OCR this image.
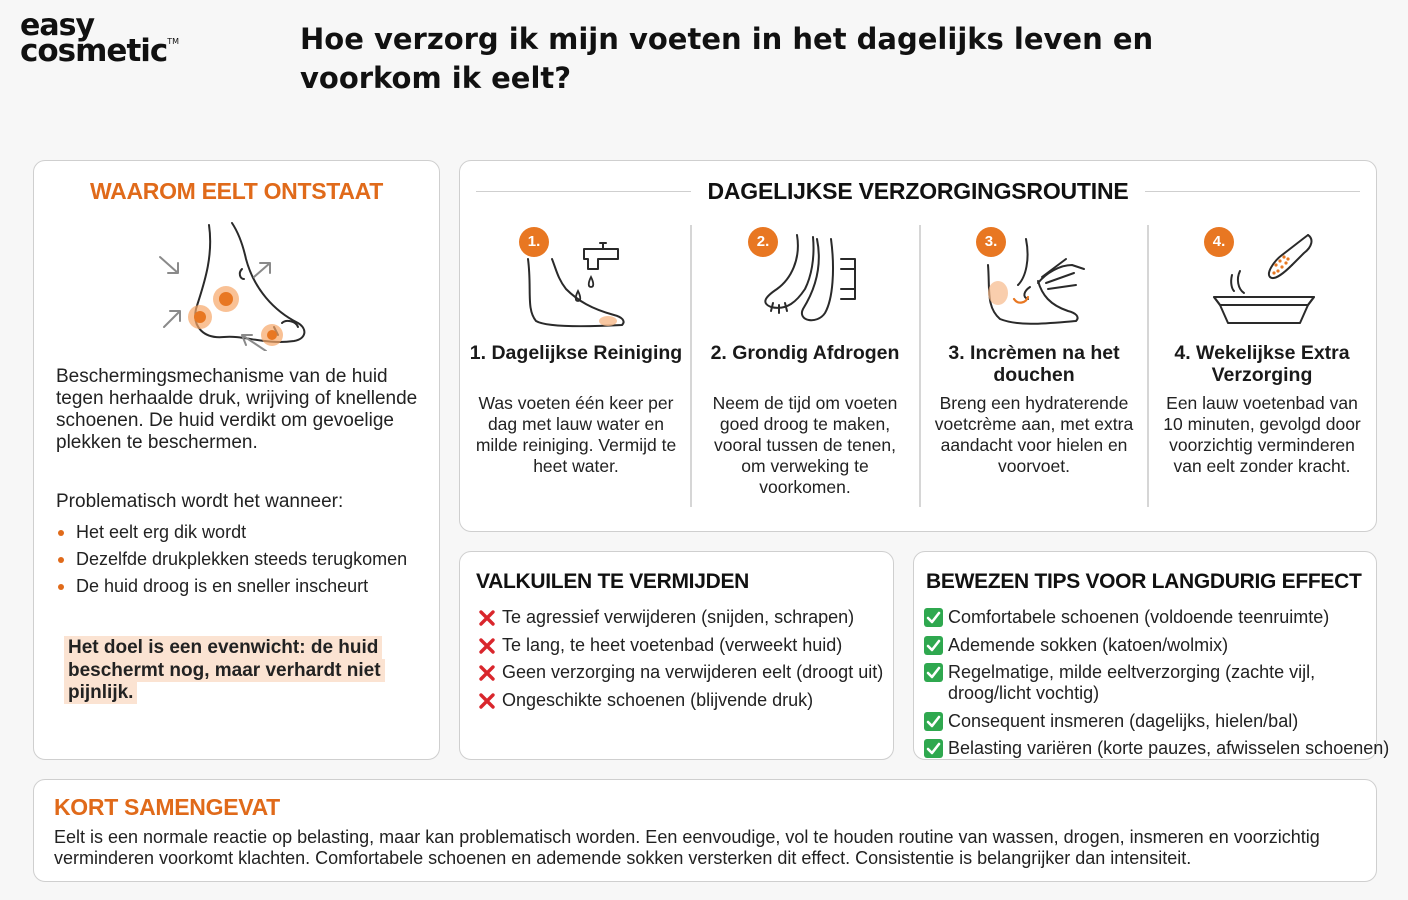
easy
cosmetic™	Hoe verzorg ik mijn voeten in het dagelijks leven en voorkom ik eelt?
WAAROM EELT ONTSTAAT

Beschermingsmechanisme van de huid tegen herhaalde druk, wrijving of knellende schoenen. De huid verdikt om gevoelige plekken te beschermen.

Problematisch wordt het wanneer:

Het eelt erg dik wordt
Dezelfde drukplekken steeds terugkomen
De huid droog is en sneller inscheurt

Het doel is een evenwicht: de huid beschermt nog, maar verhardt niet pijnlijk.

DAGELIJKSE VERZORGINGSROUTINE
1.
1. Dagelijkse Reiniging

Was voeten één keer per dag met lauw water en milde reiniging. Vermijd te heet water.

2.
2. Grondig Afdrogen

Neem de tijd om voeten goed droog te maken, vooral tussen de tenen, om verweking te voorkomen.

3.
3. Incrèmen na het douchen

Breng een hydraterende voetcrème aan, met extra aandacht voor hielen en voorvoet.

4.
4. Wekelijkse Extra Verzorging

Een lauw voetenbad van 10 minuten, gevolgd door voorzichtig verminderen van eelt zonder kracht.

VALKUILEN TE VERMIJDEN
Te agressief verwijderen (snijden, schrapen)
Te lang, te heet voetenbad (verweekt huid)
Geen verzorging na verwijderen eelt (droogt uit)
Ongeschikte schoenen (blijvende druk)
BEWEZEN TIPS VOOR LANGDURIG EFFECT
Comfortabele schoenen (voldoende teenruimte)
Ademende sokken (katoen/wolmix)
Regelmatige, milde eeltverzorging (zachte vijl, droog/licht vochtig)
Consequent insmeren (dagelijks, hielen/bal)
Belasting variëren (korte pauzes, afwisselen schoenen)
KORT SAMENGEVAT

Eelt is een normale reactie op belasting, maar kan problematisch worden. Een eenvoudige, vol te houden routine van wassen, drogen, insmeren en voorzichtig verminderen voorkomt klachten. Comfortabele schoenen en ademende sokken versterken dit effect. Consistentie is belangrijker dan intensiteit.
